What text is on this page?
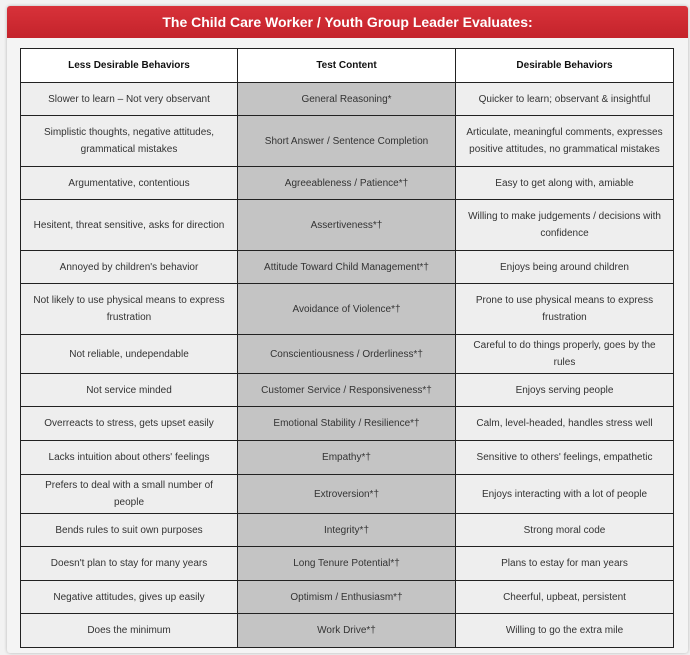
The Child Care Worker / Youth Group Leader Evaluates:
Less Desirable Behaviors	Test Content	Desirable Behaviors
Slower to learn – Not very observant	General Reasoning*	Quicker to learn; observant & insightful
Simplistic thoughts, negative attitudes, grammatical mistakes	Short Answer / Sentence Completion	Articulate, meaningful comments, expresses positive attitudes, no grammatical mistakes
Argumentative, contentious	Agreeableness / Patience*†	Easy to get along with, amiable
Hesitent, threat sensitive, asks for direction	Assertiveness*†	Willing to make judgements / decisions with confidence
Annoyed by children's behavior	Attitude Toward Child Management*†	Enjoys being around children
Not likely to use physical means to express frustration	Avoidance of Violence*†	Prone to use physical means to express frustration
Not reliable, undependable	Conscientiousness / Orderliness*†	Careful to do things properly, goes by the rules
Not service minded	Customer Service / Responsiveness*†	Enjoys serving people
Overreacts to stress, gets upset easily	Emotional Stability / Resilience*†	Calm, level-headed, handles stress well
Lacks intuition about others' feelings	Empathy*†	Sensitive to others' feelings, empathetic
Prefers to deal with a small number of people	Extroversion*†	Enjoys interacting with a lot of people
Bends rules to suit own purposes	Integrity*†	Strong moral code
Doesn't plan to stay for many years	Long Tenure Potential*†	Plans to estay for man years
Negative attitudes, gives up easily	Optimism / Enthusiasm*†	Cheerful, upbeat, persistent
Does the minimum	Work Drive*†	Willing to go the extra mile
